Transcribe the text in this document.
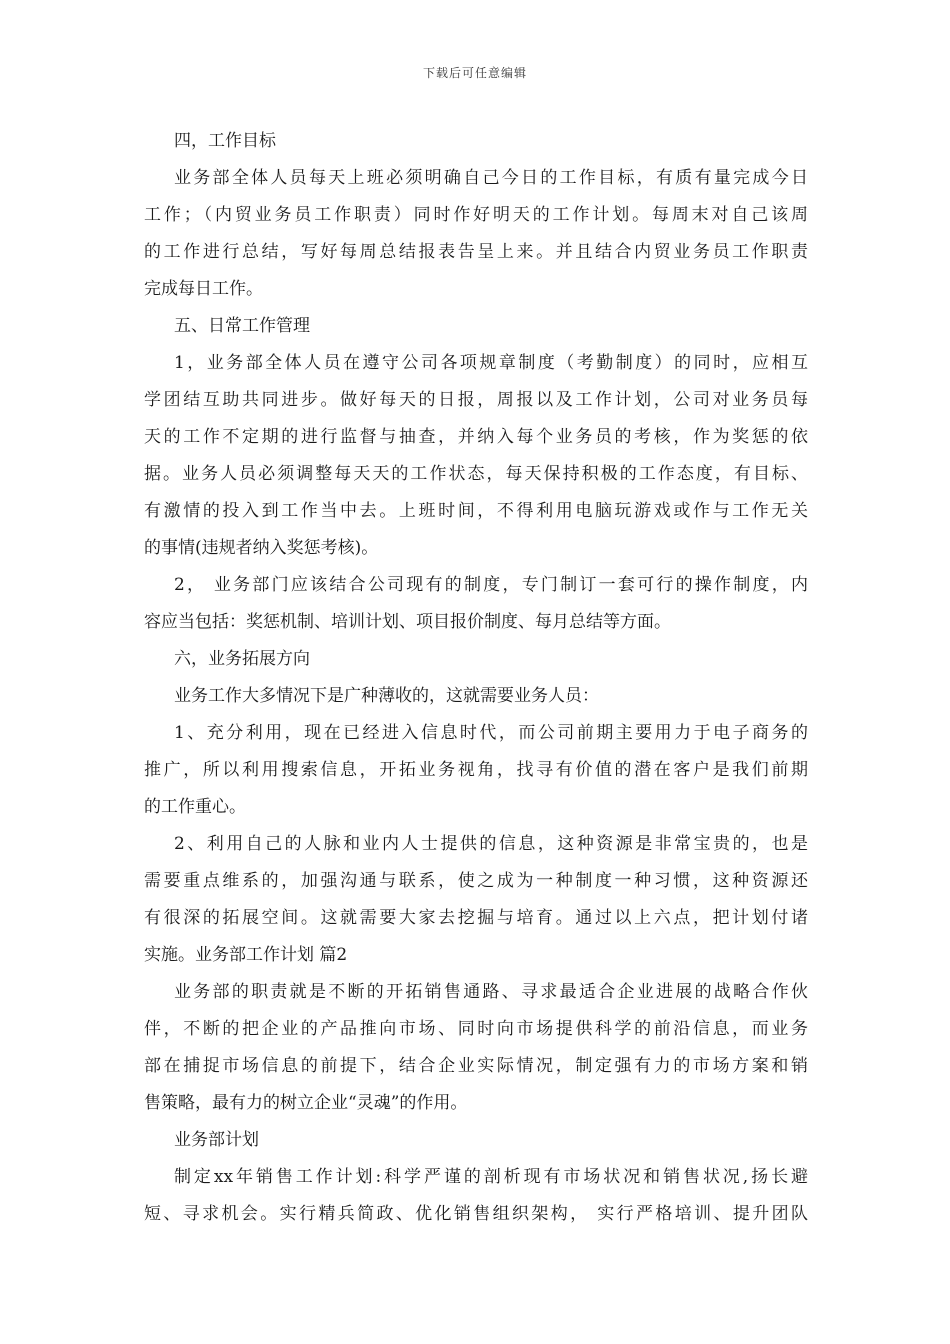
下载后可任意编辑
四，工作目标
业务部全体人员每天上班必须明确自己今日的工作目标，有质有量完成今日
工作；（内贸业务员工作职责）同时作好明天的工作计划。每周末对自己该周
的工作进行总结，写好每周总结报表告呈上来。并且结合内贸业务员工作职责
完成每日工作。
五、日常工作管理
1，业务部全体人员在遵守公司各项规章制度（考勤制度）的同时，应相互
学团结互助共同进步。做好每天的日报，周报以及工作计划，公司对业务员每
天的工作不定期的进行监督与抽查，并纳入每个业务员的考核，作为奖惩的依
据。业务人员必须调整每天天的工作状态，每天保持积极的工作态度，有目标、
有激情的投入到工作当中去。上班时间，不得利用电脑玩游戏或作与工作无关
的事情(违规者纳入奖惩考核)。
2， 业务部门应该结合公司现有的制度，专门制订一套可行的操作制度，内
容应当包括：奖惩机制、培训计划、项目报价制度、每月总结等方面。
六，业务拓展方向
业务工作大多情况下是广种薄收的，这就需要业务人员：
1、充分利用，现在已经进入信息时代，而公司前期主要用力于电子商务的
推广，所以利用搜索信息，开拓业务视角，找寻有价值的潜在客户是我们前期
的工作重心。
2、利用自己的人脉和业内人士提供的信息，这种资源是非常宝贵的，也是
需要重点维系的，加强沟通与联系，使之成为一种制度一种习惯，这种资源还
有很深的拓展空间。这就需要大家去挖掘与培育。通过以上六点，把计划付诸
实施。业务部工作计划 篇2
业务部的职责就是不断的开拓销售通路、寻求最适合企业进展的战略合作伙
伴，不断的把企业的产品推向市场、同时向市场提供科学的前沿信息，而业务
部在捕捉市场信息的前提下，结合企业实际情况，制定强有力的市场方案和销
售策略，最有力的树立企业“灵魂”的作用。
业务部计划
制定xx年销售工作计划:科学严谨的剖析现有市场状况和销售状况,扬长避
短、寻求机会。实行精兵简政、优化销售组织架构， 实行严格培训、提升团队
